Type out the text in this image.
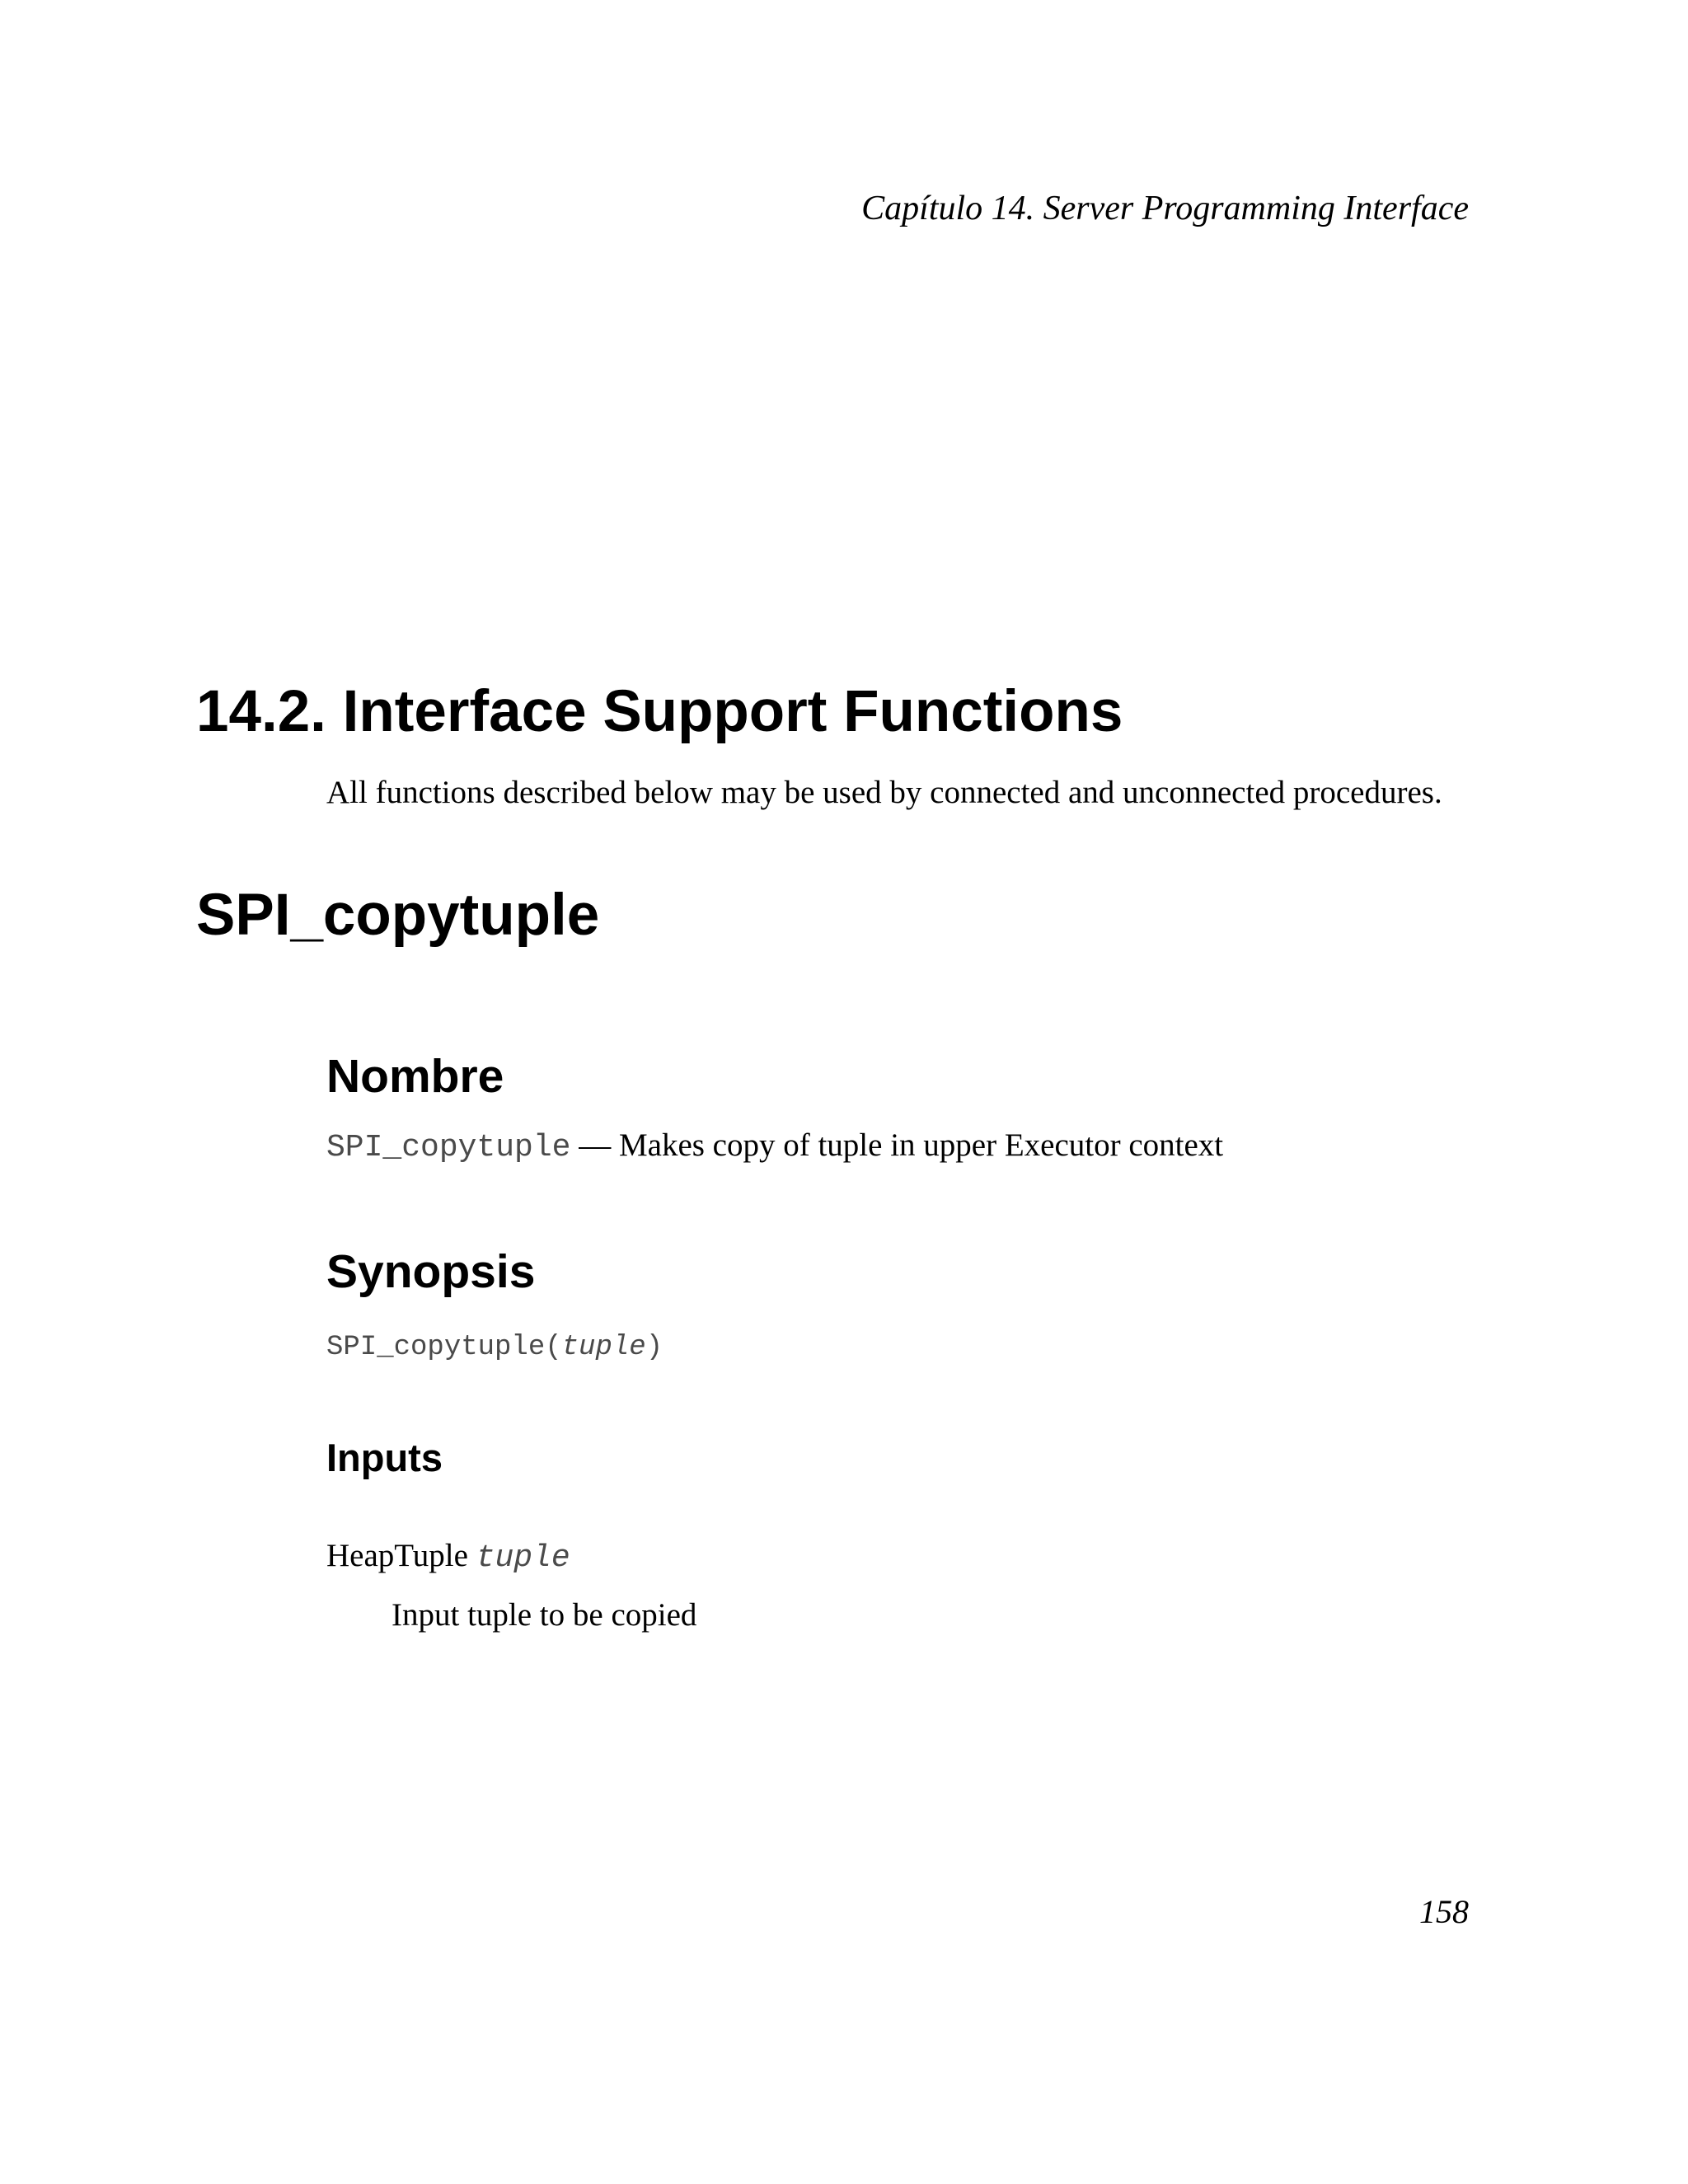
Capítulo 14. Server Programming Interface
14.2. Interface Support Functions

All functions described below may be used by connected and unconnected procedures.

SPI_copytuple
Nombre

SPI_copytuple — Makes copy of tuple in upper Executor context

Synopsis

SPI_copytuple(tuple)

Inputs

HeapTuple tuple

Input tuple to be copied

158
